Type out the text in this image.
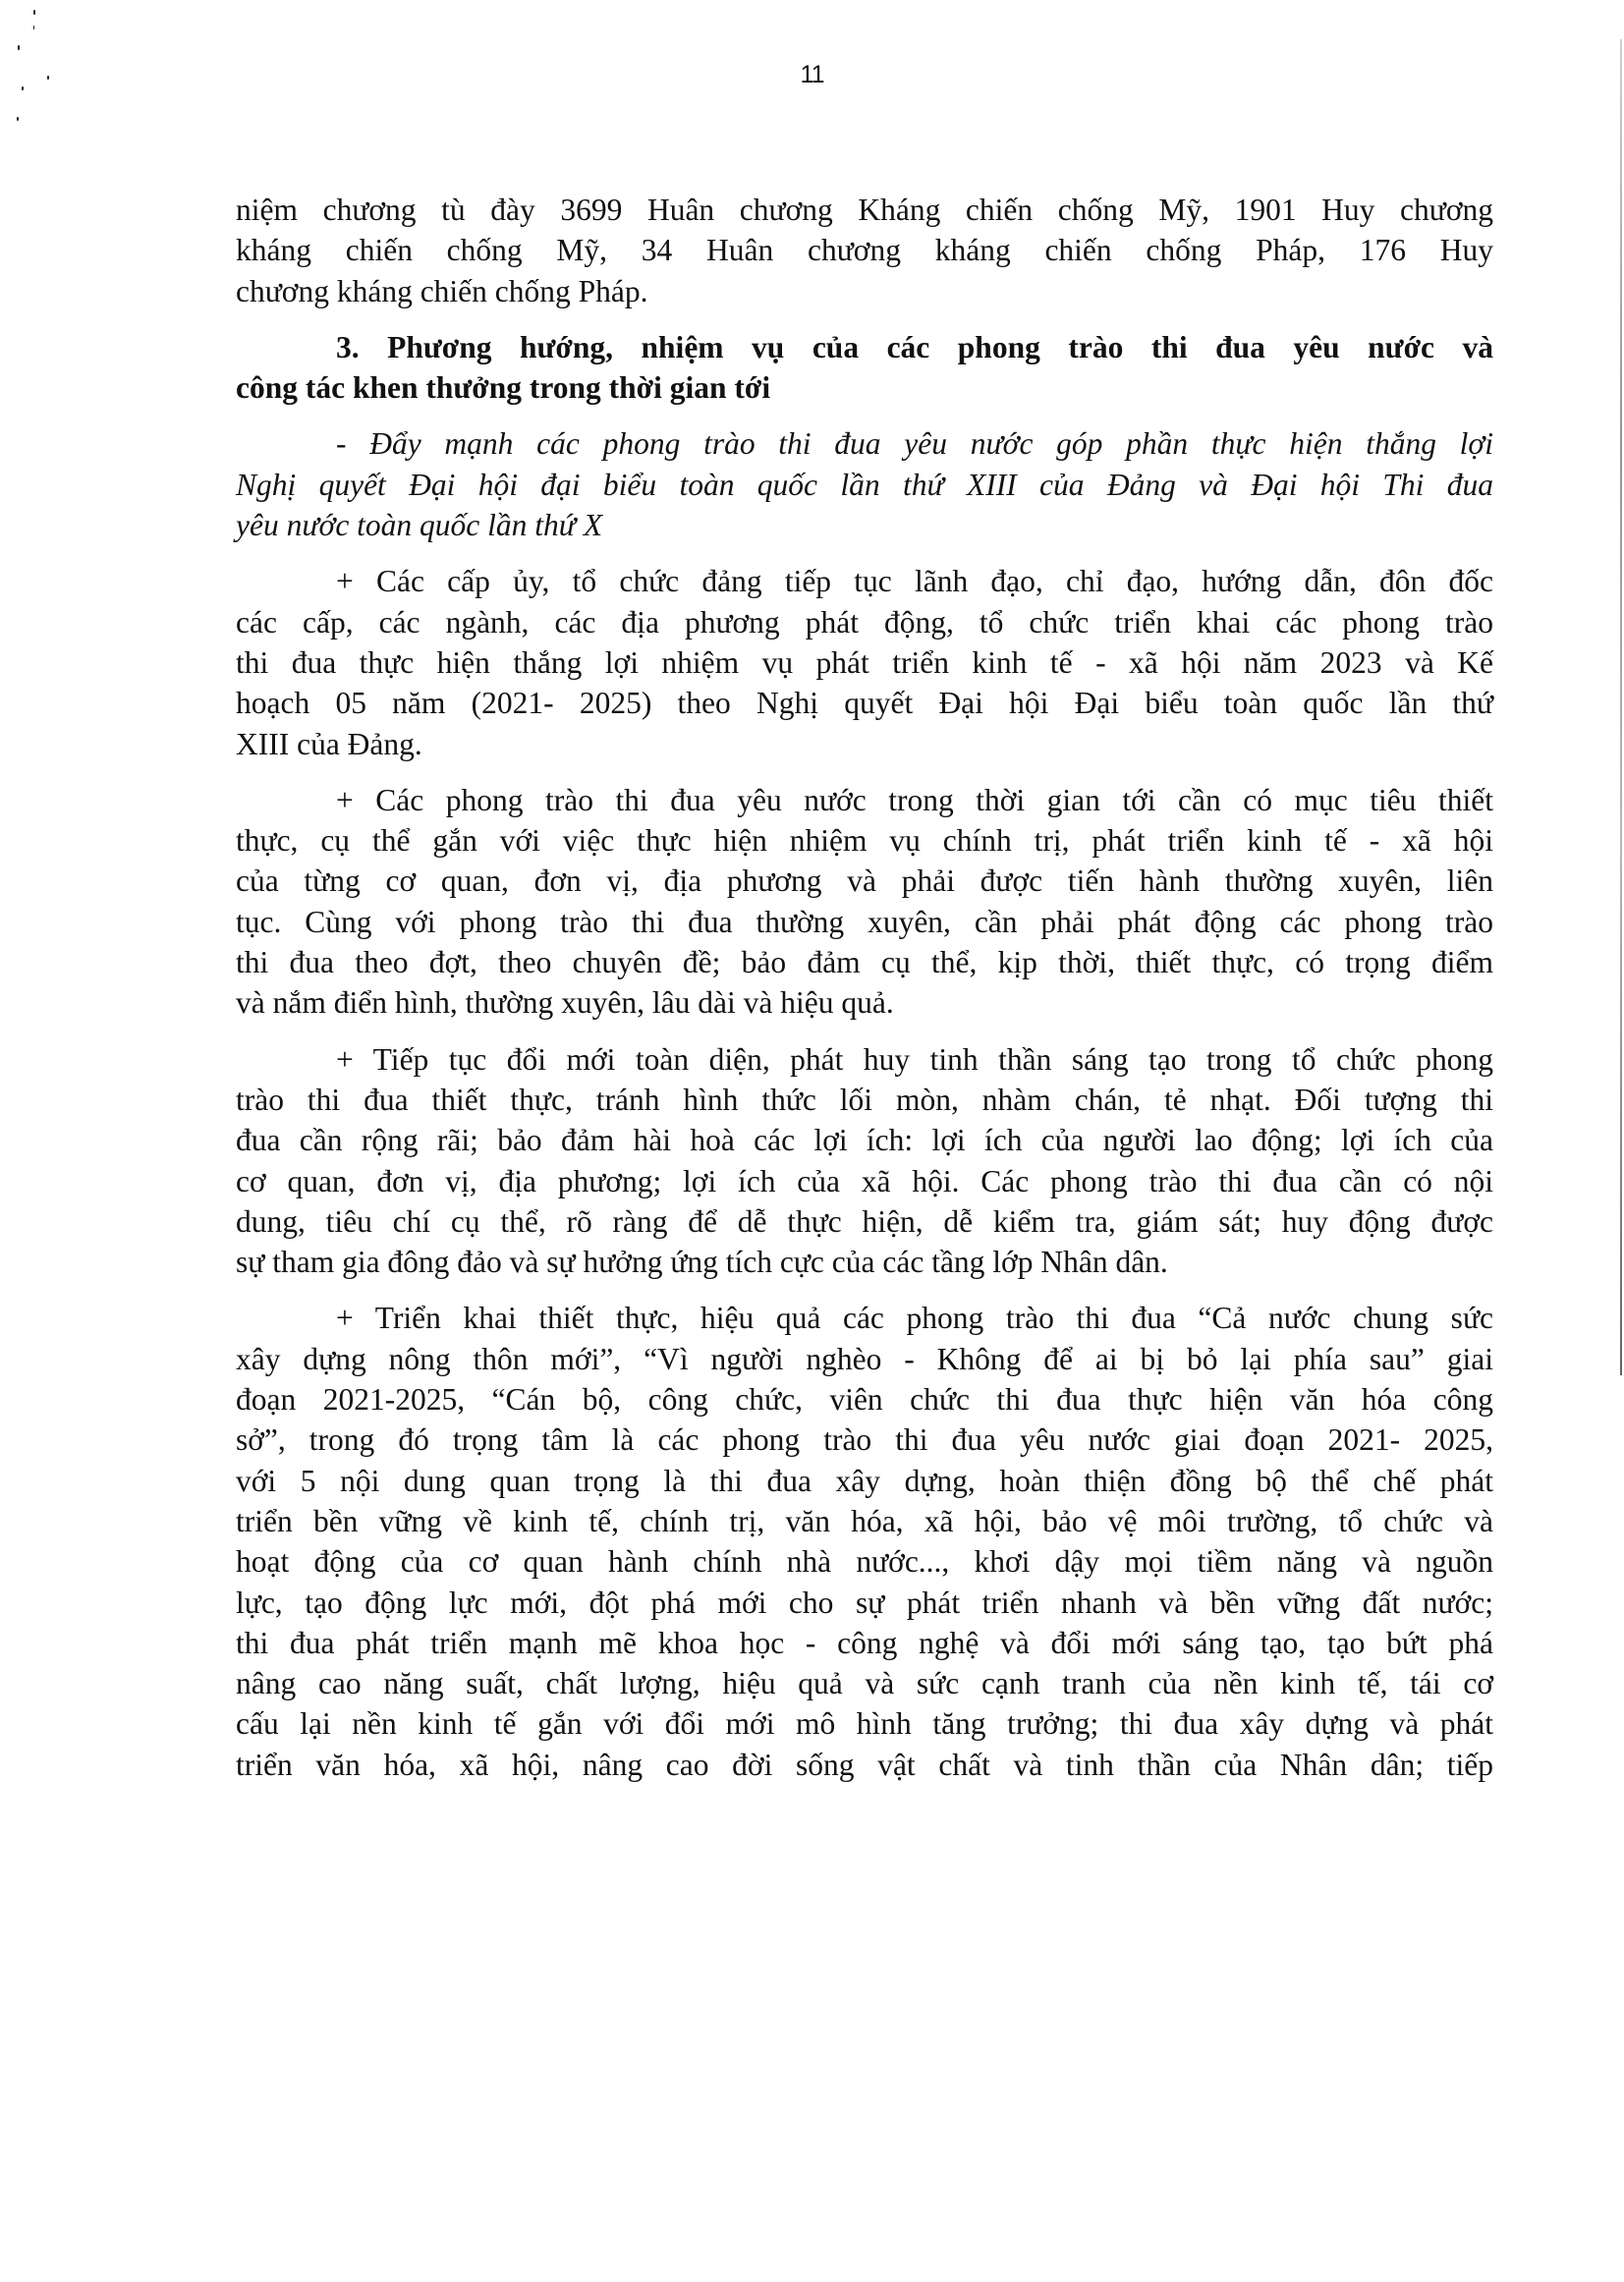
11

niệm chương tù đày 3699 Huân chương Kháng chiến chống Mỹ, 1901 Huy chương
kháng chiến chống Mỹ, 34 Huân chương kháng chiến chống Pháp, 176 Huy
chương kháng chiến chống Pháp.

3. Phương hướng, nhiệm vụ của các phong trào thi đua yêu nước và
công tác khen thưởng trong thời gian tới

- Đẩy mạnh các phong trào thi đua yêu nước góp phần thực hiện thắng lợi
Nghị quyết Đại hội đại biểu toàn quốc lần thứ XIII của Đảng và Đại hội Thi đua
yêu nước toàn quốc lần thứ X

+ Các cấp ủy, tổ chức đảng tiếp tục lãnh đạo, chỉ đạo, hướng dẫn, đôn đốc
các cấp, các ngành, các địa phương phát động, tổ chức triển khai các phong trào
thi đua thực hiện thắng lợi nhiệm vụ phát triển kinh tế - xã hội năm 2023 và Kế
hoạch 05 năm (2021- 2025) theo Nghị quyết Đại hội Đại biểu toàn quốc lần thứ
XIII của Đảng.

+ Các phong trào thi đua yêu nước trong thời gian tới cần có mục tiêu thiết
thực, cụ thể gắn với việc thực hiện nhiệm vụ chính trị, phát triển kinh tế - xã hội
của từng cơ quan, đơn vị, địa phương và phải được tiến hành thường xuyên, liên
tục. Cùng với phong trào thi đua thường xuyên, cần phải phát động các phong trào
thi đua theo đợt, theo chuyên đề; bảo đảm cụ thể, kịp thời, thiết thực, có trọng điểm
và nắm điển hình, thường xuyên, lâu dài và hiệu quả.

+ Tiếp tục đổi mới toàn diện, phát huy tinh thần sáng tạo trong tổ chức phong
trào thi đua thiết thực, tránh hình thức lối mòn, nhàm chán, tẻ nhạt. Đối tượng thi
đua cần rộng rãi; bảo đảm hài hoà các lợi ích: lợi ích của người lao động; lợi ích của
cơ quan, đơn vị, địa phương; lợi ích của xã hội. Các phong trào thi đua cần có nội
dung, tiêu chí cụ thể, rõ ràng để dễ thực hiện, dễ kiểm tra, giám sát; huy động được
sự tham gia đông đảo và sự hưởng ứng tích cực của các tầng lớp Nhân dân.

+ Triển khai thiết thực, hiệu quả các phong trào thi đua “Cả nước chung sức
xây dựng nông thôn mới”, “Vì người nghèo - Không để ai bị bỏ lại phía sau” giai
đoạn 2021-2025, “Cán bộ, công chức, viên chức thi đua thực hiện văn hóa công
sở”, trong đó trọng tâm là các phong trào thi đua yêu nước giai đoạn 2021- 2025,
với 5 nội dung quan trọng là thi đua xây dựng, hoàn thiện đồng bộ thể chế phát
triển bền vững về kinh tế, chính trị, văn hóa, xã hội, bảo vệ môi trường, tổ chức và
hoạt động của cơ quan hành chính nhà nước..., khơi dậy mọi tiềm năng và nguồn
lực, tạo động lực mới, đột phá mới cho sự phát triển nhanh và bền vững đất nước;
thi đua phát triển mạnh mẽ khoa học - công nghệ và đổi mới sáng tạo, tạo bứt phá
nâng cao năng suất, chất lượng, hiệu quả và sức cạnh tranh của nền kinh tế, tái cơ
cấu lại nền kinh tế gắn với đổi mới mô hình tăng trưởng; thi đua xây dựng và phát
triển văn hóa, xã hội, nâng cao đời sống vật chất và tinh thần của Nhân dân; tiếp
